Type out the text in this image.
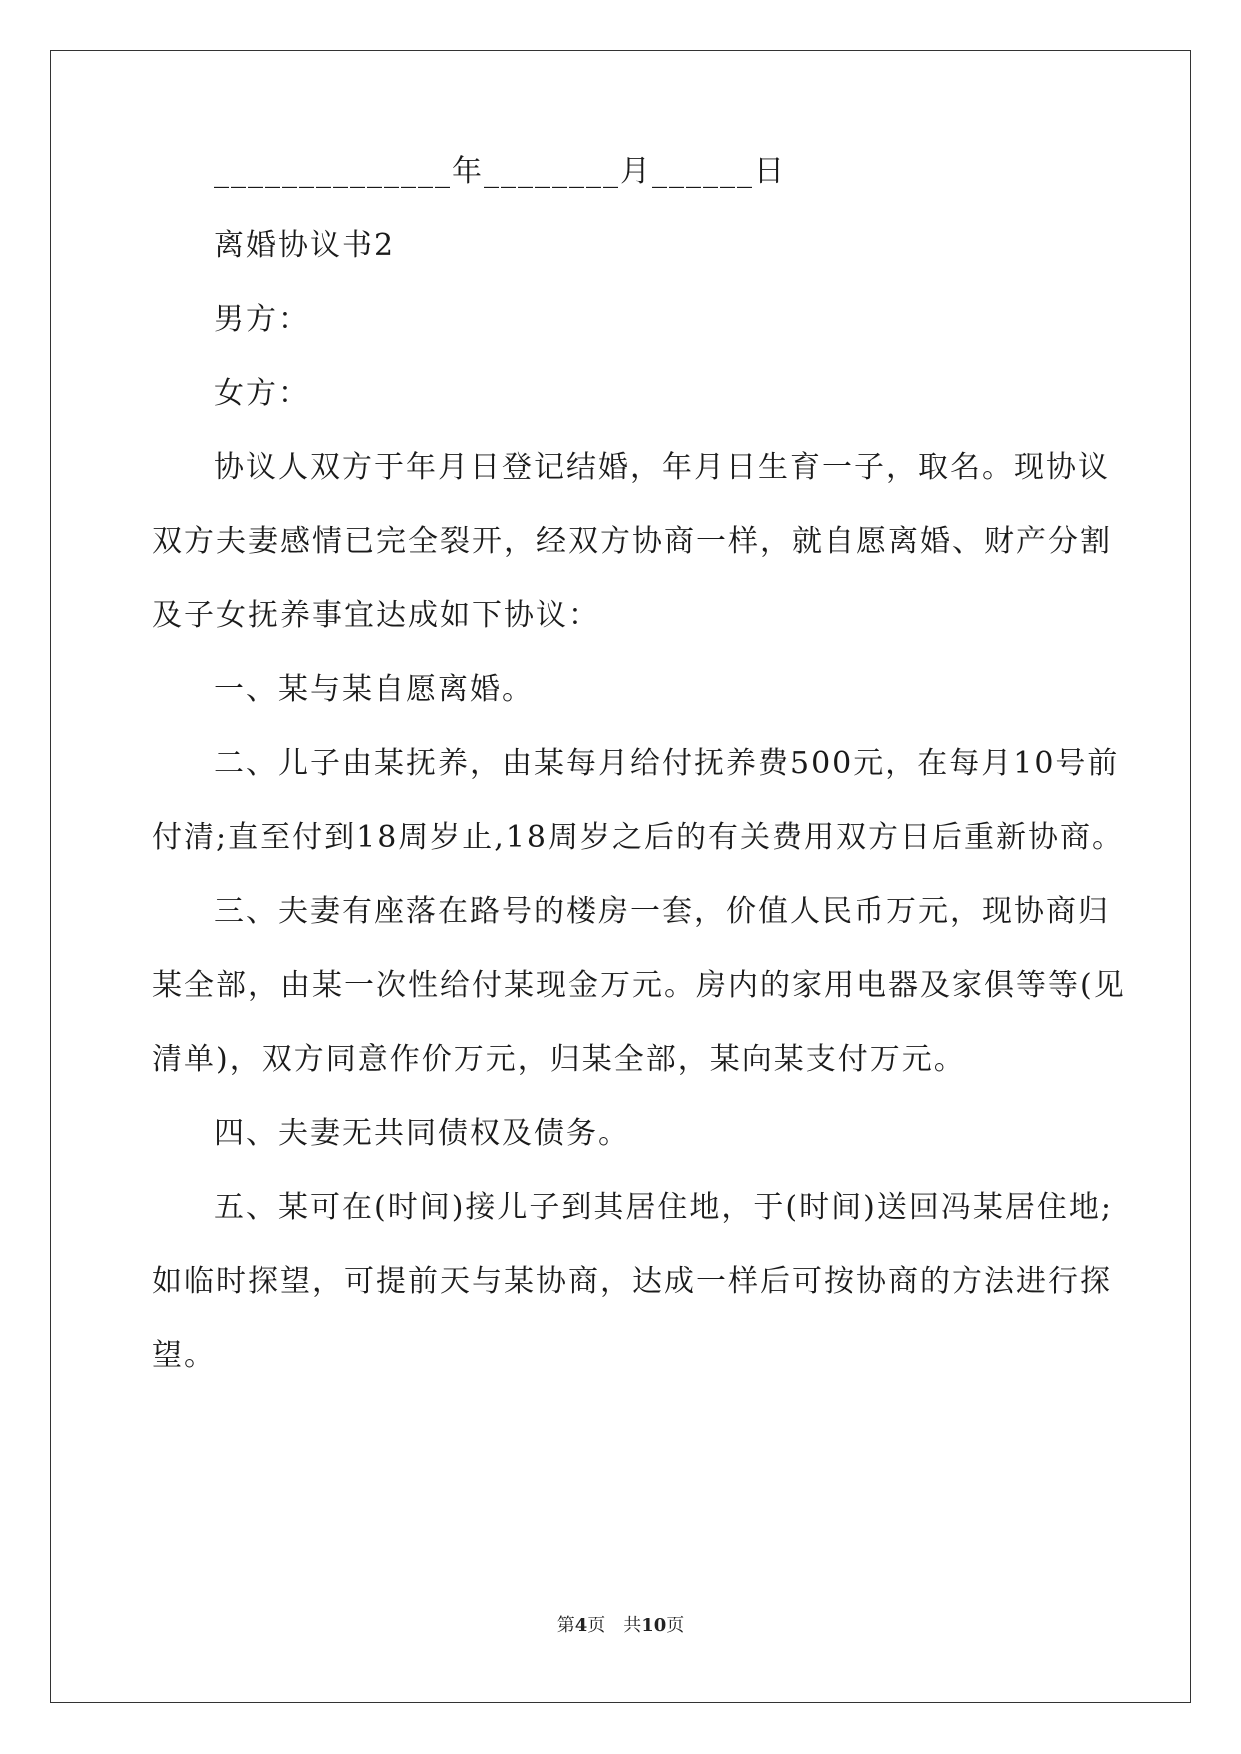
______________年________月______日
离婚协议书2
男方：
女方：
协议人双方于年月日登记结婚，年月日生育一子，取名。现协议
双方夫妻感情已完全裂开，经双方协商一样，就自愿离婚、财产分割
及子女抚养事宜达成如下协议：
一、某与某自愿离婚。
二、儿子由某抚养，由某每月给付抚养费500元，在每月10号前
付清;直至付到18周岁止,18周岁之后的有关费用双方日后重新协商。
三、夫妻有座落在路号的楼房一套，价值人民币万元，现协商归
某全部，由某一次性给付某现金万元。房内的家用电器及家俱等等(见
清单)，双方同意作价万元，归某全部，某向某支付万元。
四、夫妻无共同债权及债务。
五、某可在(时间)接儿子到其居住地，于(时间)送回冯某居住地;
如临时探望，可提前天与某协商，达成一样后可按协商的方法进行探
望。
第4页　共10页
